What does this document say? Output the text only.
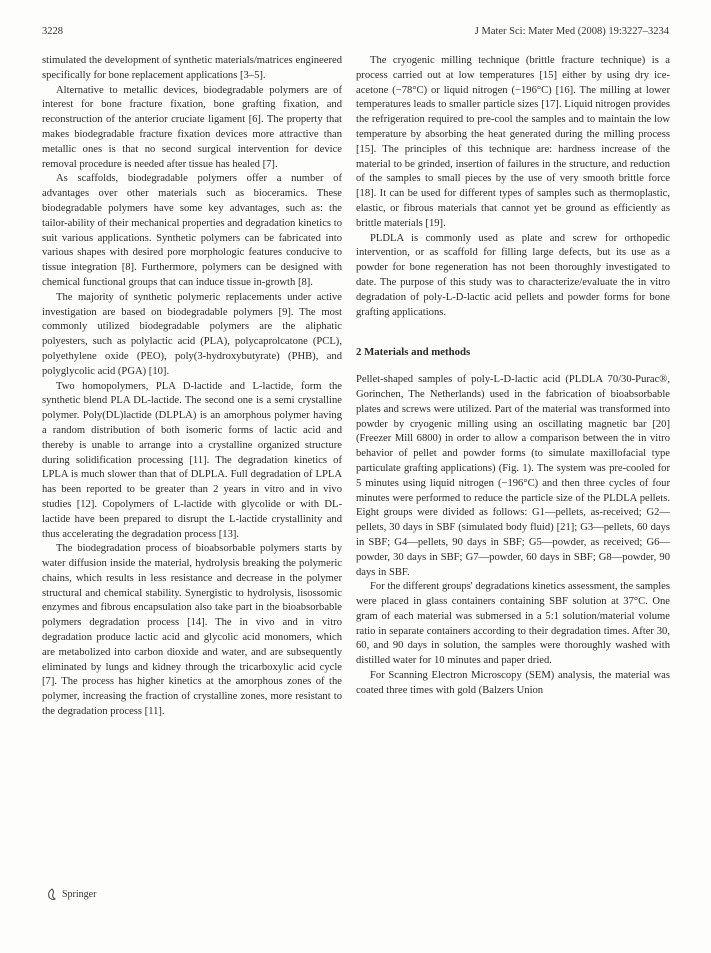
3228	J Mater Sci: Mater Med (2008) 19:3227–3234

stimulated the development of synthetic materials/matrices engineered specifically for bone replacement applications [3–5].

Alternative to metallic devices, biodegradable polymers are of interest for bone fracture fixation, bone grafting fixation, and reconstruction of the anterior cruciate ligament [6]. The property that makes biodegradable fracture fixation devices more attractive than metallic ones is that no second surgical intervention for device removal procedure is needed after tissue has healed [7].

As scaffolds, biodegradable polymers offer a number of advantages over other materials such as bioceramics. These biodegradable polymers have some key advantages, such as: the tailor-ability of their mechanical properties and degradation kinetics to suit various applications. Synthetic polymers can be fabricated into various shapes with desired pore morphologic features conducive to tissue integration [8]. Furthermore, polymers can be designed with chemical functional groups that can induce tissue in-growth [8].

The majority of synthetic polymeric replacements under active investigation are based on biodegradable polymers [9]. The most commonly utilized biodegradable polymers are the aliphatic polyesters, such as polylactic acid (PLA), polycaprolcatone (PCL), polyethylene oxide (PEO), poly(3-hydroxybutyrate) (PHB), and polyglycolic acid (PGA) [10].

Two homopolymers, PLA D-lactide and L-lactide, form the synthetic blend PLA DL-lactide. The second one is a semi crystalline polymer. Poly(DL)lactide (DLPLA) is an amorphous polymer having a random distribution of both isomeric forms of lactic acid and thereby is unable to arrange into a crystalline organized structure during solidification processing [11]. The degradation kinetics of LPLA is much slower than that of DLPLA. Full degradation of LPLA has been reported to be greater than 2 years in vitro and in vivo studies [12]. Copolymers of L-lactide with glycolide or with DL-lactide have been prepared to disrupt the L-lactide crystallinity and thus accelerating the degradation process [13].

The biodegradation process of bioabsorbable polymers starts by water diffusion inside the material, hydrolysis breaking the polymeric chains, which results in less resistance and decrease in the polymer structural and chemical stability. Synergistic to hydrolysis, lisossomic enzymes and fibrous encapsulation also take part in the bioabsorbable polymers degradation process [14]. The in vivo and in vitro degradation produce lactic acid and glycolic acid monomers, which are metabolized into carbon dioxide and water, and are subsequently eliminated by lungs and kidney through the tricarboxylic acid cycle [7]. The process has higher kinetics at the amorphous zones of the polymer, increasing the fraction of crystalline zones, more resistant to the degradation process [11].

The cryogenic milling technique (brittle fracture technique) is a process carried out at low temperatures [15] either by using dry ice-acetone (−78°C) or liquid nitrogen (−196°C) [16]. The milling at lower temperatures leads to smaller particle sizes [17]. Liquid nitrogen provides the refrigeration required to pre-cool the samples and to maintain the low temperature by absorbing the heat generated during the milling process [15]. The principles of this technique are: hardness increase of the material to be grinded, insertion of failures in the structure, and reduction of the samples to small pieces by the use of very smooth brittle force [18]. It can be used for different types of samples such as thermoplastic, elastic, or fibrous materials that cannot yet be ground as efficiently as brittle materials [19].

PLDLA is commonly used as plate and screw for orthopedic intervention, or as scaffold for filling large defects, but its use as a powder for bone regeneration has not been thoroughly investigated to date. The purpose of this study was to characterize/evaluate the in vitro degradation of poly-L-D-lactic acid pellets and powder forms for bone grafting applications.

2 Materials and methods

Pellet-shaped samples of poly-L-D-lactic acid (PLDLA 70/30-Purac®, Gorinchen, The Netherlands) used in the fabrication of bioabsorbable plates and screws were utilized. Part of the material was transformed into powder by cryogenic milling using an oscillating magnetic bar [20] (Freezer Mill 6800) in order to allow a comparison between the in vitro behavior of pellet and powder forms (to simulate maxillofacial type particulate grafting applications) (Fig. 1). The system was pre-cooled for 5 minutes using liquid nitrogen (−196°C) and then three cycles of four minutes were performed to reduce the particle size of the PLDLA pellets. Eight groups were divided as follows: G1—pellets, as-received; G2—pellets, 30 days in SBF (simulated body fluid) [21]; G3—pellets, 60 days in SBF; G4—pellets, 90 days in SBF; G5—powder, as received; G6—powder, 30 days in SBF; G7—powder, 60 days in SBF; G8—powder, 90 days in SBF.

For the different groups' degradations kinetics assessment, the samples were placed in glass containers containing SBF solution at 37°C. One gram of each material was submersed in a 5:1 solution/material volume ratio in separate containers according to their degradation times. After 30, 60, and 90 days in solution, the samples were thoroughly washed with distilled water for 10 minutes and paper dried.

For Scanning Electron Microscopy (SEM) analysis, the material was coated three times with gold (Balzers Union

Springer
